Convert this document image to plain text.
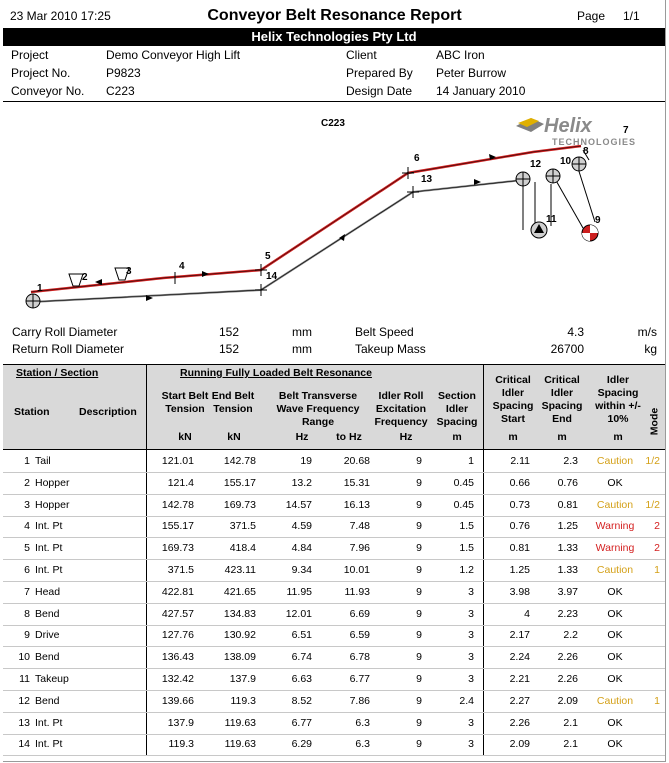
23 Mar 2010 17:25	Conveyor Belt Resonance Report	Page 1/1
Helix Technologies Pty Ltd
Project	Demo Conveyor High Lift	Client	ABC Iron
Project No.	P9823	Prepared By Peter Burrow
Conveyor No. C223	Design Date 14 January 2010
C223	Helix
TECHNOLOGIES
1
2
3	4
5
6
7
8
9
10
11
12
13
14
Carry Roll Diameter	152	mm	Belt Speed	4.3	m/s
Return Roll Diameter	152	mm	Takeup Mass	26700	kg
Station / Section	Running Fully Loaded Belt Resonance
Station	Description
Start Belt Tension
End Belt Tension
Belt Transverse Wave Frequency Range
Idler Roll Excitation Frequency
Section Idler Spacing
Critical Idler Spacing Start
Critical Idler Spacing End
Idler Spacing within +/- 10%	Mode
kN	kN	Hz	to Hz	Hz	m	m	m	m
1 Tail	121.01	142.78	19	20.68	9	1	2.11	2.3	Caution	1/2
2 Hopper	121.4	155.17	13.2	15.31	9	0.45	0.66	0.76	OK
3 Hopper	142.78	169.73	14.57	16.13	9	0.45	0.73	0.81	Caution	1/2
4 Int. Pt	155.17	371.5	4.59	7.48	9	1.5	0.76	1.25	Warning	2
5 Int. Pt	169.73	418.4	4.84	7.96	9	1.5	0.81	1.33	Warning	2
6 Int. Pt	371.5	423.11	9.34	10.01	9	1.2	1.25	1.33	Caution	1
7 Head	422.81	421.65	11.95	11.93	9	3	3.98	3.97	OK
8 Bend	427.57	134.83	12.01	6.69	9	3	4	2.23	OK
9 Drive	127.76	130.92	6.51	6.59	9	3	2.17	2.2	OK
10 Bend	136.43	138.09	6.74	6.78	9	3	2.24	2.26	OK
11 Takeup	132.42	137.9	6.63	6.77	9	3	2.21	2.26	OK
12 Bend	139.66	119.3	8.52	7.86	9	2.4	2.27	2.09	Caution	1
13 Int. Pt	137.9	119.63	6.77	6.3	9	3	2.26	2.1	OK
14 Int. Pt	119.3	119.63	6.29	6.3	9	3	2.09	2.1	OK
